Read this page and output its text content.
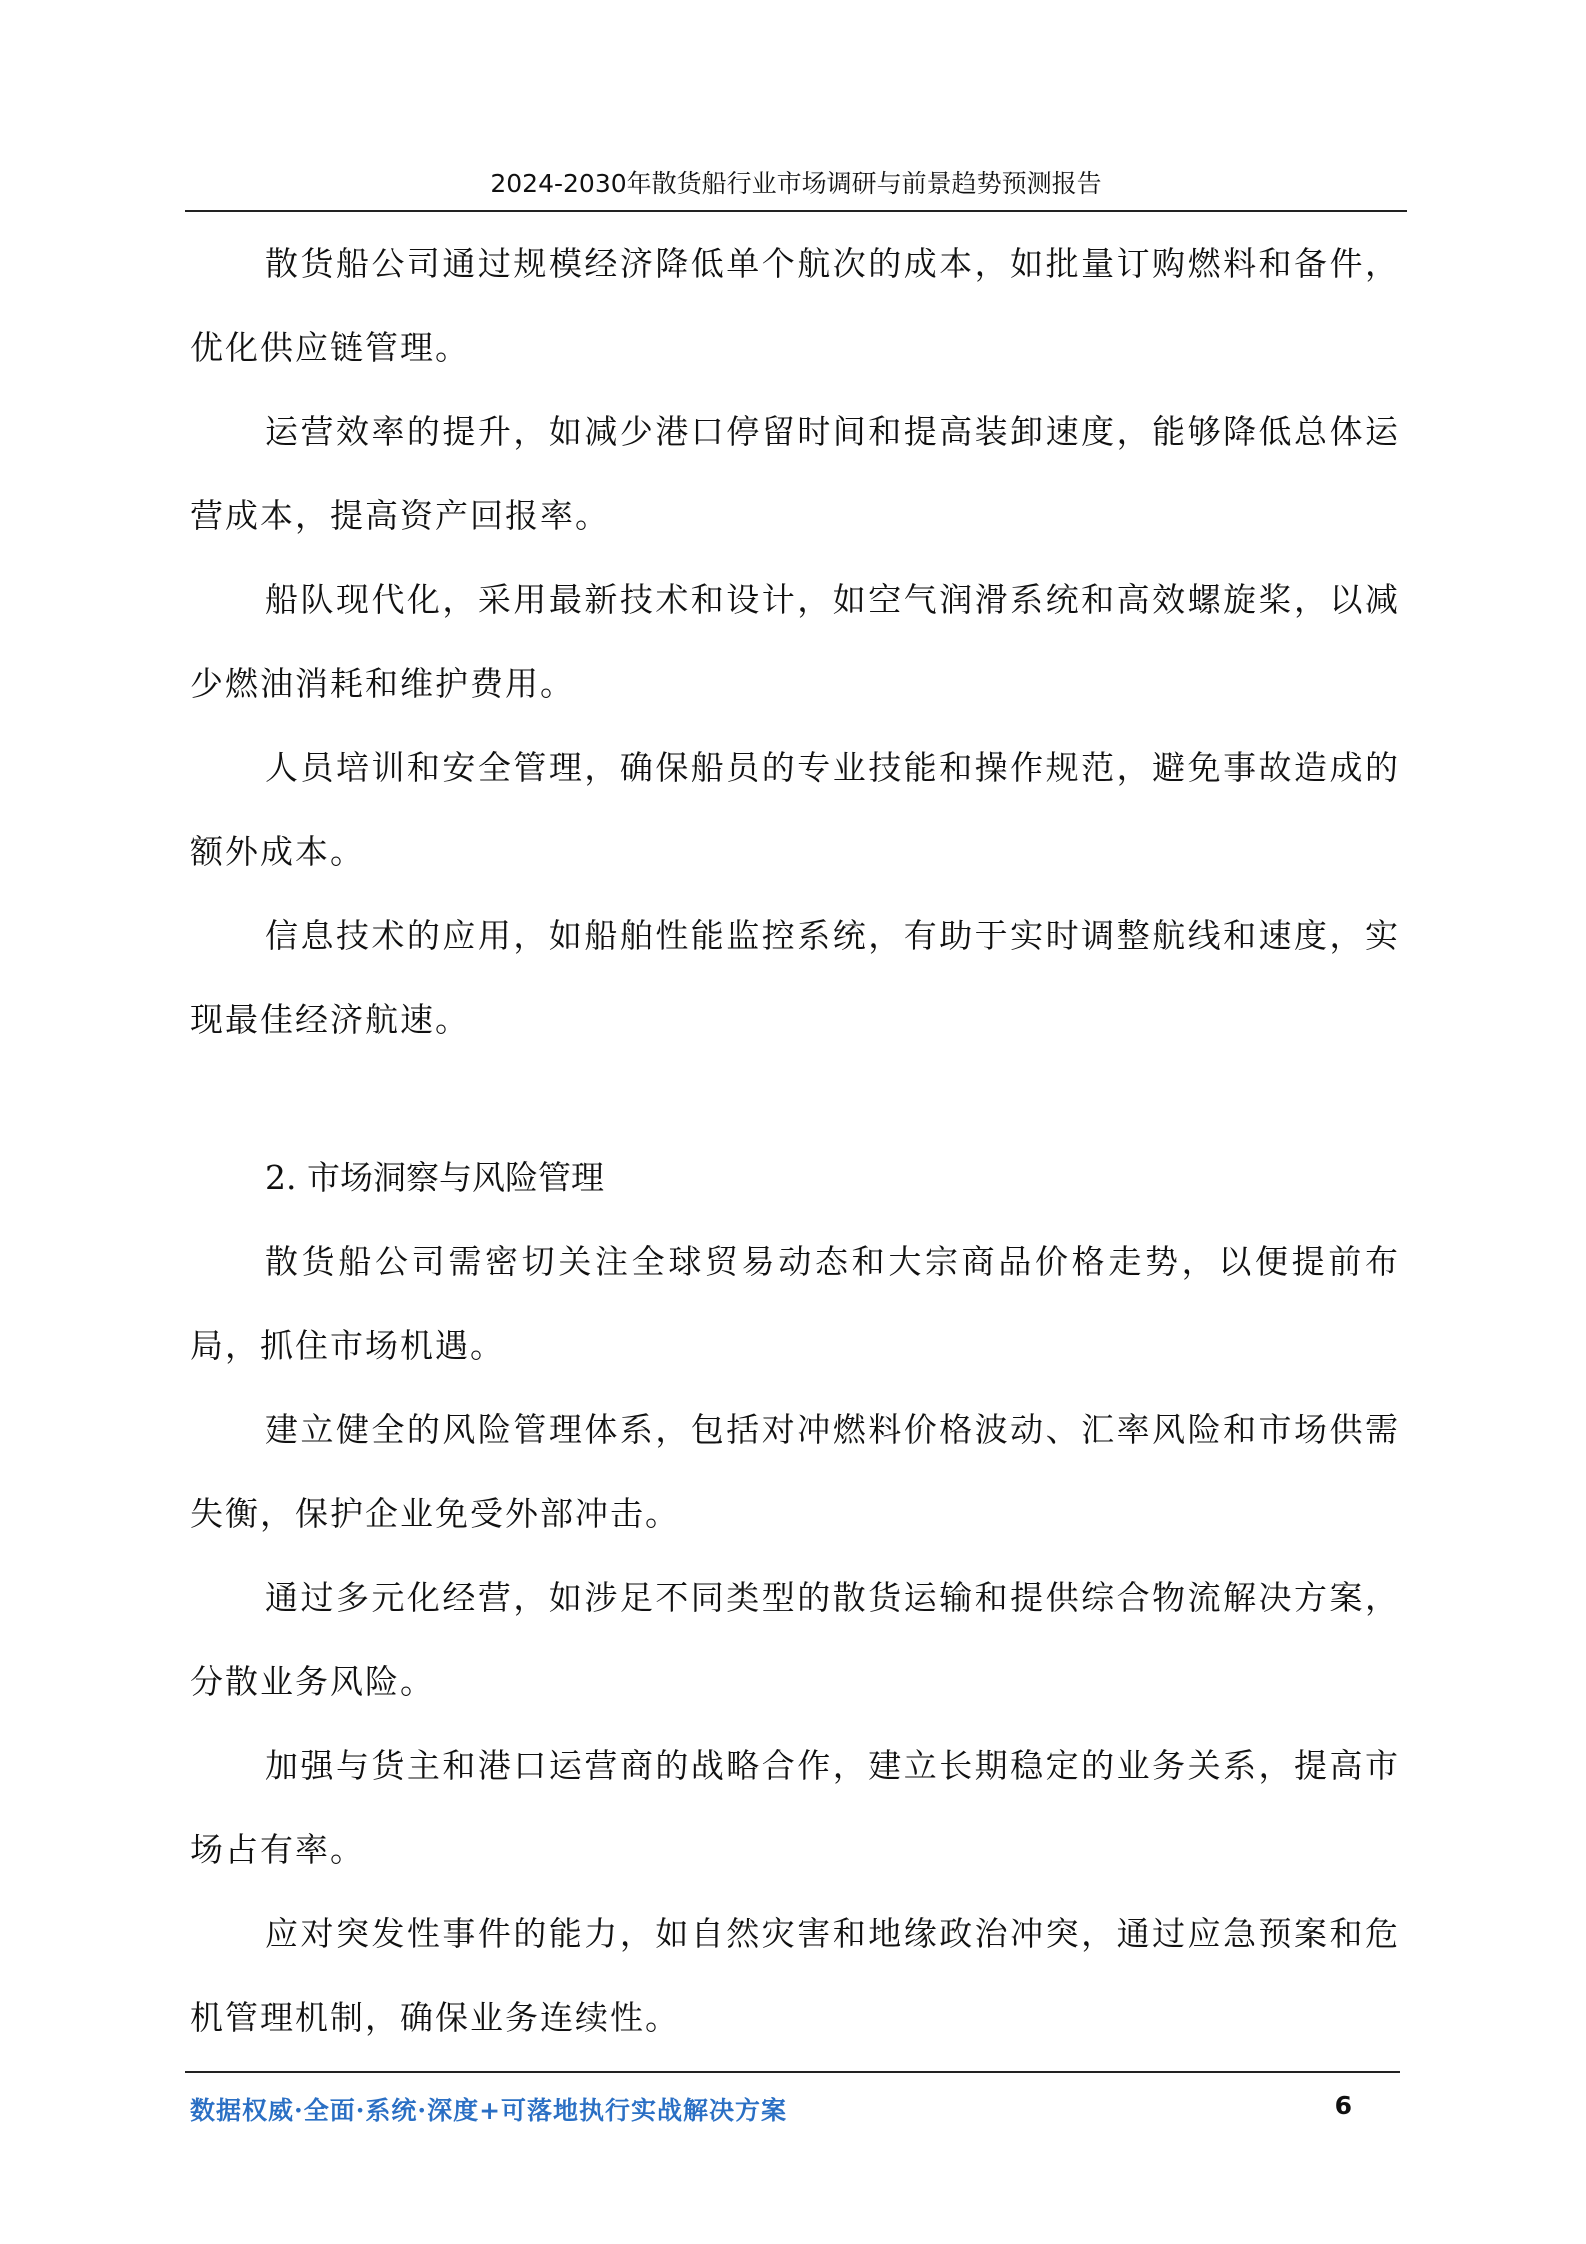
2024-2030年散货船行业市场调研与前景趋势预测报告

散货船公司通过规模经济降低单个航次的成本，如批量订购燃料和备件，优化供应链管理。

运营效率的提升，如减少港口停留时间和提高装卸速度，能够降低总体运营成本，提高资产回报率。

船队现代化，采用最新技术和设计，如空气润滑系统和高效螺旋桨，以减少燃油消耗和维护费用。

人员培训和安全管理，确保船员的专业技能和操作规范，避免事故造成的额外成本。

信息技术的应用，如船舶性能监控系统，有助于实时调整航线和速度，实现最佳经济航速。

2. 市场洞察与风险管理

散货船公司需密切关注全球贸易动态和大宗商品价格走势，以便提前布局，抓住市场机遇。

建立健全的风险管理体系，包括对冲燃料价格波动、汇率风险和市场供需失衡，保护企业免受外部冲击。

通过多元化经营，如涉足不同类型的散货运输和提供综合物流解决方案，分散业务风险。

加强与货主和港口运营商的战略合作，建立长期稳定的业务关系，提高市场占有率。

应对突发性事件的能力，如自然灾害和地缘政治冲突，通过应急预案和危机管理机制，确保业务连续性。

数据权威·全面·系统·深度+可落地执行实战解决方案	6
